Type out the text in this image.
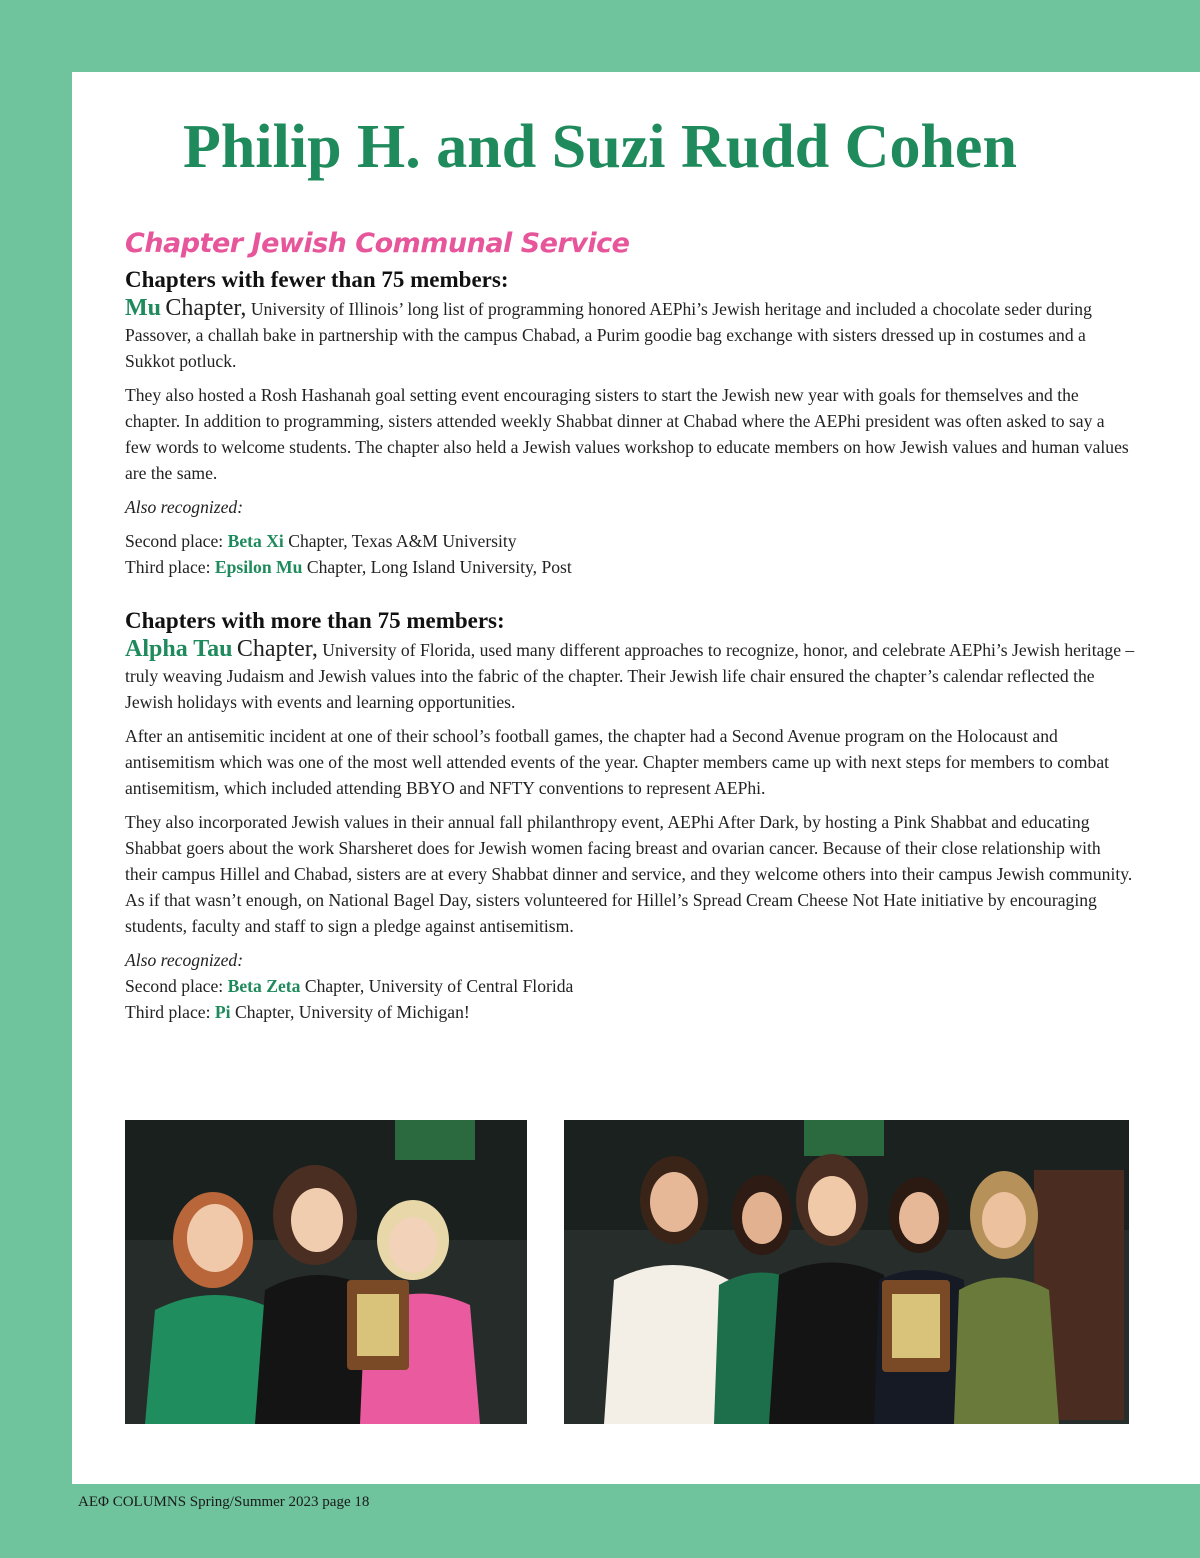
Philip H. and Suzi Rudd Cohen
Chapter Jewish Communal Service
Chapters with fewer than 75 members:

Mu Chapter, University of Illinois’ long list of programming honored AEPhi’s Jewish heritage and included a chocolate seder during Passover, a challah bake in partnership with the campus Chabad, a Purim goodie bag exchange with sisters dressed up in costumes and a Sukkot potluck.

They also hosted a Rosh Hashanah goal setting event encouraging sisters to start the Jewish new year with goals for themselves and the chapter. In addition to programming, sisters attended weekly Shabbat dinner at Chabad where the AEPhi president was often asked to say a few words to welcome students. The chapter also held a Jewish values workshop to educate members on how Jewish values and human values are the same.

Also recognized:

Second place: Beta Xi Chapter, Texas A&M University

Third place: Epsilon Mu Chapter, Long Island University, Post

Chapters with more than 75 members:

Alpha Tau Chapter, University of Florida, used many different approaches to recognize, honor, and celebrate AEPhi’s Jewish heritage – truly weaving Judaism and Jewish values into the fabric of the chapter. Their Jewish life chair ensured the chapter’s calendar reflected the Jewish holidays with events and learning opportunities.

After an antisemitic incident at one of their school’s football games, the chapter had a Second Avenue program on the Holocaust and antisemitism which was one of the most well attended events of the year. Chapter members came up with next steps for members to combat antisemitism, which included attending BBYO and NFTY conventions to represent AEPhi.

They also incorporated Jewish values in their annual fall philanthropy event, AEPhi After Dark, by hosting a Pink Shabbat and educating Shabbat goers about the work Sharsheret does for Jewish women facing breast and ovarian cancer. Because of their close relationship with their campus Hillel and Chabad, sisters are at every Shabbat dinner and service, and they welcome others into their campus Jewish community. As if that wasn’t enough, on National Bagel Day, sisters volunteered for Hillel’s Spread Cream Cheese Not Hate initiative by encouraging students, faculty and staff to sign a pledge against antisemitism.

Also recognized:

Second place: Beta Zeta Chapter, University of Central Florida

Third place: Pi Chapter, University of Michigan!

AEΦ COLUMNS Spring/Summer 2023 page 18
